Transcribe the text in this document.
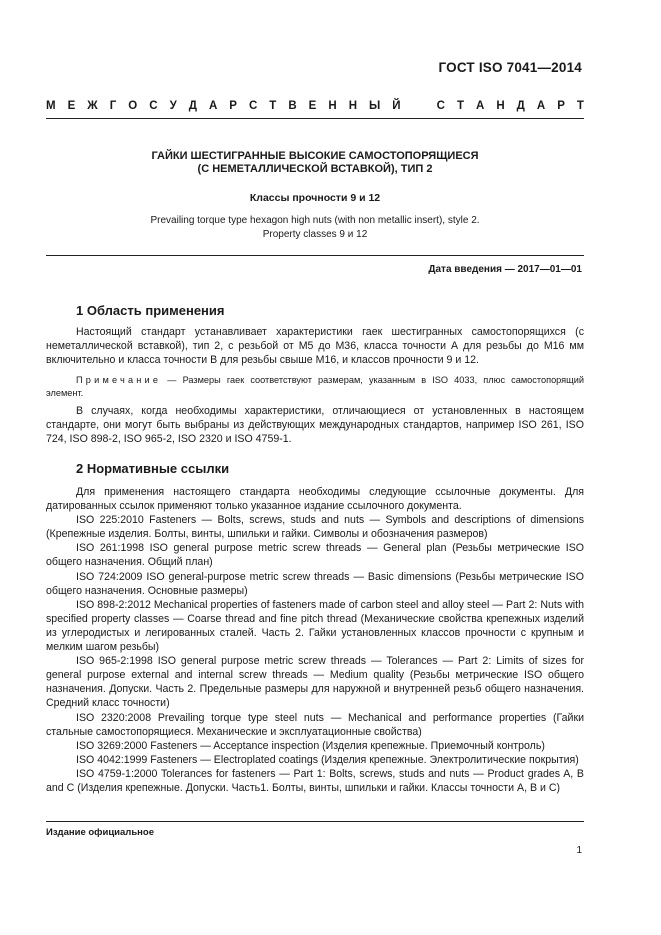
ГОСТ ISO 7041—2014
М Е Ж Г О С У Д А Р С Т В Е Н Н Ы Й	С Т А Н Д А Р Т
ГАЙКИ ШЕСТИГРАННЫЕ ВЫСОКИЕ САМОСТОПОРЯЩИЕСЯ
(С НЕМЕТАЛЛИЧЕСКОЙ ВСТАВКОЙ), ТИП 2
Классы прочности 9 и 12
Prevailing torque type hexagon high nuts (with non metallic insert), style 2.
Property classes 9 и 12
Дата введения — 2017—01—01
1 Область применения

Настоящий стандарт устанавливает характеристики гаек шестигранных самостопорящихся (с неметаллической вставкой), тип 2, с резьбой от М5 до М36, класса точности А для резьбы до М16 мм включительно и класса точности В для резьбы свыше М16, и классов прочности 9 и 12.

Примечание — Размеры гаек соответствуют размерам, указанным в ISO 4033, плюс самостопорящий элемент.

В случаях, когда необходимы характеристики, отличающиеся от установленных в настоящем стандарте, они могут быть выбраны из действующих международных стандартов, например ISO 261, ISO 724, ISO 898-2, ISO 965-2, ISO 2320 и ISO 4759-1.

2 Нормативные ссылки
Для применения настоящего стандарта необходимы следующие ссылочные документы. Для датированных ссылок применяют только указанное издание ссылочного документа.
ISO 225:2010 Fasteners — Bolts, screws, studs and nuts — Symbols and descriptions of dimensions (Крепежные изделия. Болты, винты, шпильки и гайки. Символы и обозначения размеров)
ISO 261:1998 ISO general purpose metric screw threads — General plan (Резьбы метрические ISO общего назначения. Общий план)
ISO 724:2009 ISO general-purpose metric screw threads — Basic dimensions (Резьбы метрические ISO общего назначения. Основные размеры)
ISO 898-2:2012 Mechanical properties of fasteners made of carbon steel and alloy steel — Part 2: Nuts with specified property classes — Coarse thread and fine pitch thread (Механические свойства крепежных изделий из углеродистых и легированных сталей. Часть 2. Гайки установленных классов прочности с крупным и мелким шагом резьбы)
ISO 965-2:1998 ISO general purpose metric screw threads — Tolerances — Part 2: Limits of sizes for general purpose external and internal screw threads — Medium quality (Резьбы метрические ISO общего назначения. Допуски. Часть 2. Предельные размеры для наружной и внутренней резьб общего назначения. Средний класс точности)
ISO 2320:2008 Prevailing torque type steel nuts — Mechanical and performance properties (Гайки стальные самостопорящиеся. Механические и эксплуатационные свойства)
ISO 3269:2000 Fasteners — Acceptance inspection (Изделия крепежные. Приемочный контроль)
ISO 4042:1999 Fasteners — Electroplated coatings (Изделия крепежные. Электролитические покрытия)
ISO 4759-1:2000 Tolerances for fasteners — Part 1: Bolts, screws, studs and nuts — Product grades A, B and C (Изделия крепежные. Допуски. Часть1. Болты, винты, шпильки и гайки. Классы точности А, В и С)
Издание официальное
1
